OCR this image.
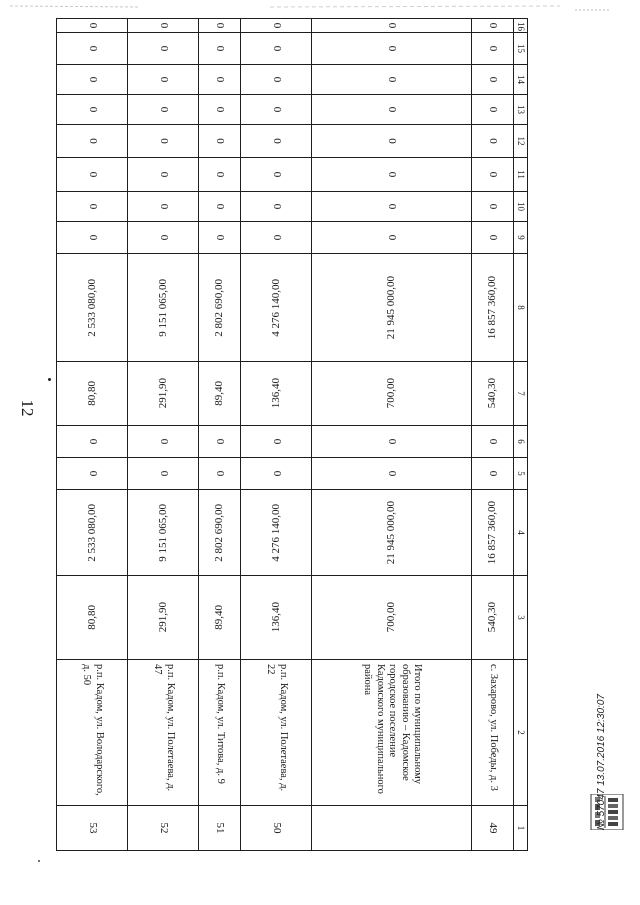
12
16	15	14	13	12	11	10	9	8	7	6	5	4	3	2	1
0	0	0	0	0	0	0	0	16 857 360,00	540,30	0	0	16 857 360,00	540,30	с. Захарово, ул. Победы, д. 3	49
0	0	0	0	0	0	0	0	21 945 000,00	700,00	0	0	21 945 000,00	700,00	Итого по муниципальному образованию – Кадомское городское поселение Кадомского муниципального района	
0	0	0	0	0	0	0	0	4 276 140,00	136,40	0	0	4 276 140,00	136,40	р.п. Кадом, ул. Полетаева, д. 22	50
0	0	0	0	0	0	0	0	2 802 690,00	89,40	0	0	2 802 690,00	89,40	р.п. Кадом, ул. Титова, д. 9	51
0	0	0	0	0	0	0	0	9 151 065,00	291,90	0	0	9 151 065,00	291,90	р.п. Кадом, ул. Полетаева, д. 47	52
0	0	0	0	0	0	0	0	2 533 080,00	80,80	0	0	2 533 080,00	80,80	р.п. Кадом, ул. Володарского, д. 50	53	№ 57047 13.07.2016 12:30:07
